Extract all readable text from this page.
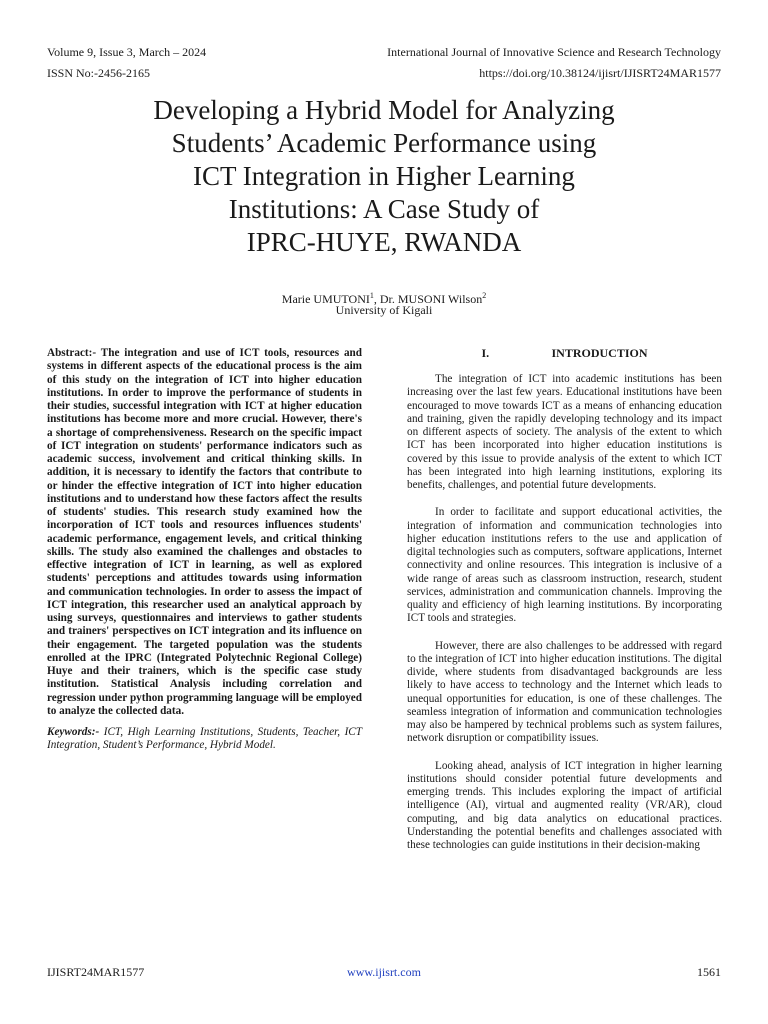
Volume 9, Issue 3, March – 2024	International Journal of Innovative Science and Research Technology
ISSN No:-2456-2165	https://doi.org/10.38124/ijisrt/IJISRT24MAR1577
Developing a Hybrid Model for Analyzing
Students’ Academic Performance using
ICT Integration in Higher Learning
Institutions: A Case Study of
IPRC-HUYE, RWANDA
Marie UMUTONI$^1$, Dr. MUSONI Wilson$^2$
University of Kigali

Abstract:- The integration and use of ICT tools, resources and systems in different aspects of the educational process is the aim of this study on the integration of ICT into higher education institutions. In order to improve the performance of students in their studies, successful integration with ICT at higher education institutions has become more and more crucial. However, there's a shortage of comprehensiveness. Research on the specific impact of ICT integration on students' performance indicators such as academic success, involvement and critical thinking skills. In addition, it is necessary to identify the factors that contribute to or hinder the effective integration of ICT into higher education institutions and to understand how these factors affect the results of students' studies. This research study examined how the incorporation of ICT tools and resources influences students' academic performance, engagement levels, and critical thinking skills. The study also examined the challenges and obstacles to effective integration of ICT in learning, as well as explored students' perceptions and attitudes towards using information and communication technologies. In order to assess the impact of ICT integration, this researcher used an analytical approach by using surveys, questionnaires and interviews to gather students and trainers' perspectives on ICT integration and its influence on their engagement. The targeted population was the students enrolled at the IPRC (Integrated Polytechnic Regional College) Huye and their trainers, which is the specific case study institution. Statistical Analysis including correlation and regression under python programming language will be employed to analyze the collected data.

Keywords:- ICT, High Learning Institutions, Students, Teacher, ICT Integration, Student’s Performance, Hybrid Model.

I.	INTRODUCTION

The integration of ICT into academic institutions has been increasing over the last few years. Educational institutions have been encouraged to move towards ICT as a means of enhancing education and training, given the rapidly developing technology and its impact on different aspects of society. The analysis of the extent to which ICT has been incorporated into higher education institutions is covered by this issue to provide analysis of the extent to which ICT has been integrated into high learning institutions, exploring its benefits, challenges, and potential future developments.

In order to facilitate and support educational activities, the integration of information and communication technologies into higher education institutions refers to the use and application of digital technologies such as computers, software applications, Internet connectivity and online resources. This integration is inclusive of a wide range of areas such as classroom instruction, research, student services, administration and communication channels. Improving the quality and efficiency of high learning institutions. By incorporating ICT tools and strategies.

However, there are also challenges to be addressed with regard to the integration of ICT into higher education institutions. The digital divide, where students from disadvantaged backgrounds are less likely to have access to technology and the Internet which leads to unequal opportunities for education, is one of these challenges. The seamless integration of information and communication technologies may also be hampered by technical problems such as system failures, network disruption or compatibility issues.

Looking ahead, analysis of ICT integration in higher learning institutions should consider potential future developments and emerging trends. This includes exploring the impact of artificial intelligence (AI), virtual and augmented reality (VR/AR), cloud computing, and big data analytics on educational practices. Understanding the potential benefits and challenges associated with these technologies can guide institutions in their decision-making

IJISRT24MAR1577	www.ijisrt.com	1561
